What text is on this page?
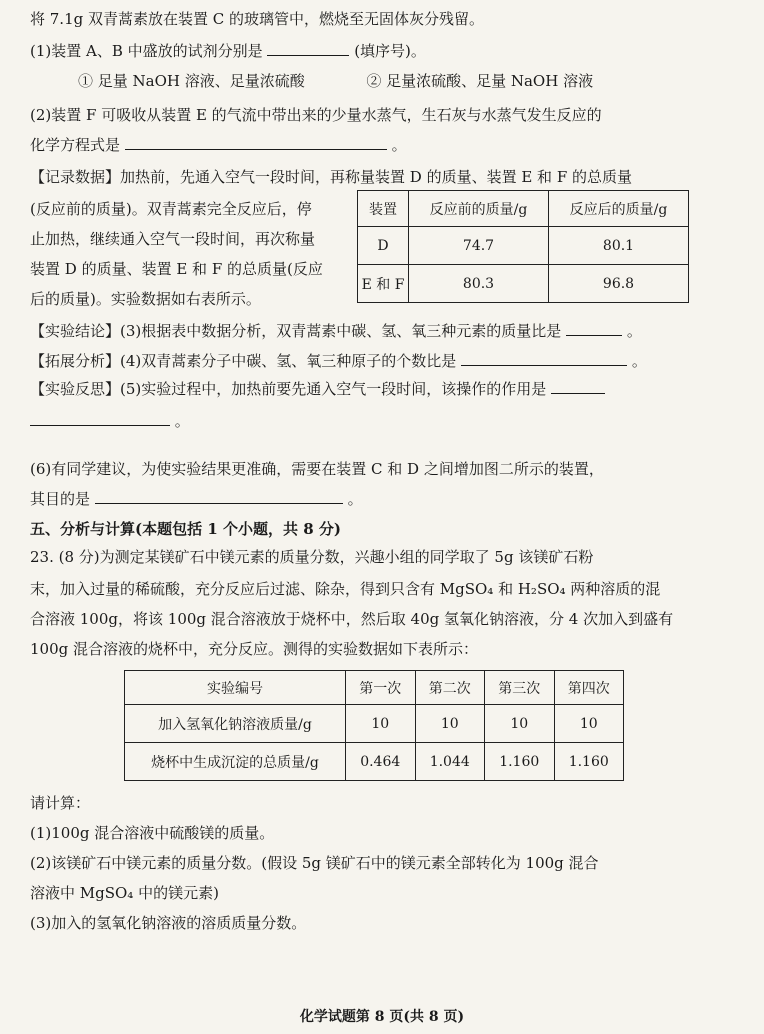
将 7.1g 双青蒿素放在装置 C 的玻璃管中，燃烧至无固体灰分残留。
(1)装置 A、B 中盛放的试剂分别是	(填序号)。
① 足量 NaOH 溶液、足量浓硫酸	② 足量浓硫酸、足量 NaOH 溶液
(2)装置 F 可吸收从装置 E 的气流中带出来的少量水蒸气，生石灰与水蒸气发生反应的
化学方程式是	。
【记录数据】加热前，先通入空气一段时间，再称量装置 D 的质量、装置 E 和 F 的总质量
(反应前的质量)。双青蒿素完全反应后，停
止加热，继续通入空气一段时间，再次称量
装置 D 的质量、装置 E 和 F 的总质量(反应
后的质量)。实验数据如右表所示。
装置	反应前的质量/g	反应后的质量/g
D	74.7	80.1
E 和 F	80.3	96.8
【实验结论】(3)根据表中数据分析，双青蒿素中碳、氢、氧三种元素的质量比是	。
【拓展分析】(4)双青蒿素分子中碳、氢、氧三种原子的个数比是	。
【实验反思】(5)实验过程中，加热前要先通入空气一段时间，该操作的作用是
。
(6)有同学建议，为使实验结果更准确，需要在装置 C 和 D 之间增加图二所示的装置，
其目的是	。
五、分析与计算(本题包括 1 个小题，共 8 分)
23. (8 分)为测定某镁矿石中镁元素的质量分数，兴趣小组的同学取了 5g 该镁矿石粉
末，加入过量的稀硫酸，充分反应后过滤、除杂，得到只含有 MgSO₄ 和 H₂SO₄ 两种溶质的混
合溶液 100g，将该 100g 混合溶液放于烧杯中，然后取 40g 氢氧化钠溶液，分 4 次加入到盛有
100g 混合溶液的烧杯中，充分反应。测得的实验数据如下表所示：
实验编号	第一次	第二次	第三次	第四次
加入氢氧化钠溶液质量/g	10	10	10	10
烧杯中生成沉淀的总质量/g	0.464	1.044	1.160	1.160
请计算：
(1)100g 混合溶液中硫酸镁的质量。
(2)该镁矿石中镁元素的质量分数。(假设 5g 镁矿石中的镁元素全部转化为 100g 混合
溶液中 MgSO₄ 中的镁元素)
(3)加入的氢氧化钠溶液的溶质质量分数。
化学试题第 8 页(共 8 页)
